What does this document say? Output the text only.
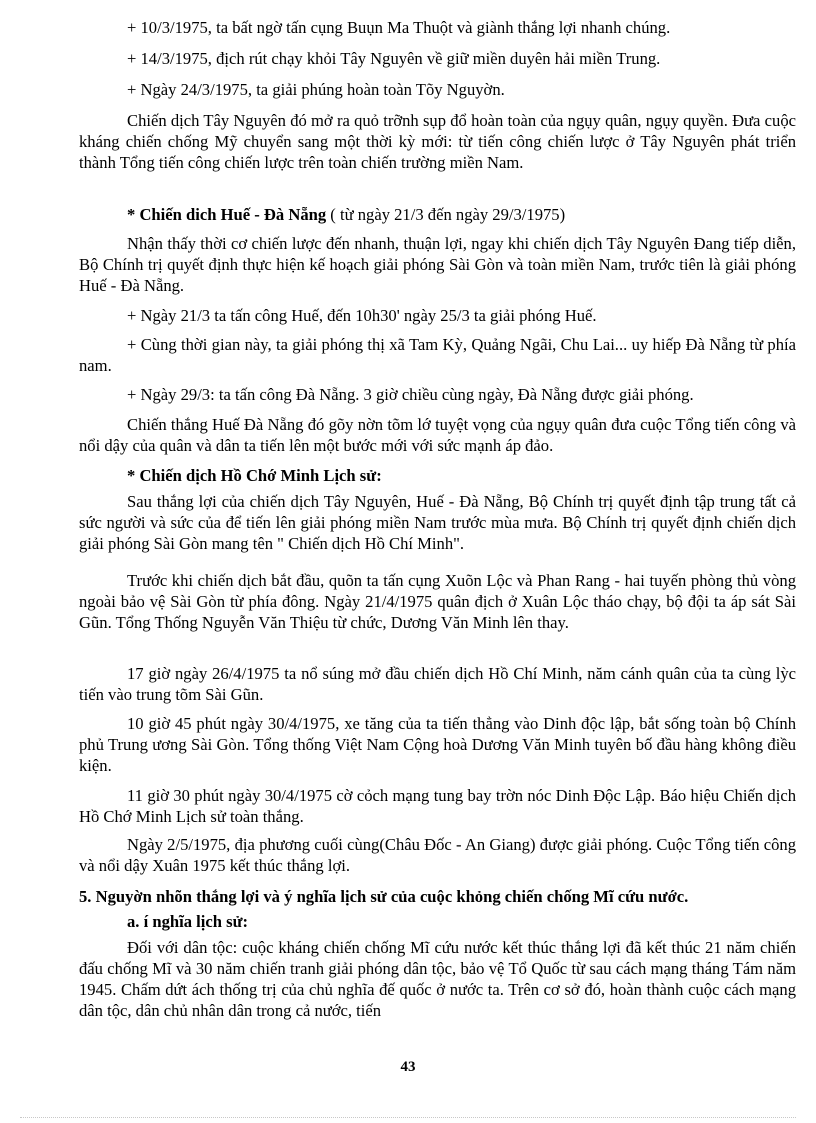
+ 10/3/1975, ta bất ngờ tấn cụng Buụn Ma Thuột và giành thắng lợi nhanh chúng.

+ 14/3/1975, địch rút chạy khỏi Tây Nguyên về giữ miền duyên hải miền Trung.

+ Ngày 24/3/1975, ta giải phúng hoàn toàn Tõy Nguyờn.

Chiến dịch Tây Nguyên đó mở ra quỏ trỡnh sụp đổ hoàn toàn của ngụy quân, ngụy quyền. Đưa cuộc kháng chiến chống Mỹ chuyển sang một thời kỳ mới: từ tiến công chiến lược ở Tây Nguyên phát triển thành Tổng tiến công chiến lược trên toàn chiến trường miền Nam.

* Chiến dich Huế - Đà Nẵng ( từ ngày 21/3 đến ngày 29/3/1975)

Nhận thấy thời cơ chiến lược đến nhanh, thuận lợi, ngay khi chiến dịch Tây Nguyên Đang tiếp diễn, Bộ Chính trị quyết định thực hiện kế hoạch giải phóng Sài Gòn và toàn miền Nam, trước tiên là giải phóng Huế - Đà Nẵng.

+ Ngày 21/3 ta tấn công Huế, đến 10h30' ngày 25/3 ta giải phóng Huế.

+ Cùng thời gian này, ta giải phóng thị xã Tam Kỳ, Quảng Ngãi, Chu Lai... uy hiếp Đà Nẵng từ phía nam.

+ Ngày 29/3: ta tấn công Đà Nẵng. 3 giờ chiều cùng ngày, Đà Nẵng được giải phóng.

Chiến thắng Huế Đà Nẵng đó gõy nờn tõm lớ tuyệt vọng của ngụy quân đưa cuộc Tổng tiến công và nổi dậy của quân và dân ta tiến lên một bước mới với sức mạnh áp đảo.

* Chiến dịch Hồ Chớ Minh Lịch sử:

Sau thắng lợi của chiến dịch Tây Nguyên, Huế - Đà Nẵng, Bộ Chính trị quyết định tập trung tất cả sức người và sức của để tiến lên giải phóng miền Nam trước mùa mưa. Bộ Chính trị quyết định chiến dịch giải phóng Sài Gòn mang tên " Chiến dịch Hồ Chí Minh".

Trước khi chiến dịch bắt đầu, quõn ta tấn cụng Xuõn Lộc và Phan Rang - hai tuyến phòng thủ vòng ngoài bảo vệ Sài Gòn từ phía đông. Ngày 21/4/1975 quân địch ở Xuân Lộc tháo chạy, bộ đội ta áp sát Sài Gũn. Tổng Thống Nguyễn Văn Thiệu từ chức, Dương Văn Minh lên thay.

17 giờ ngày 26/4/1975 ta nổ súng mở đầu chiến dịch Hồ Chí Minh, năm cánh quân của ta cùng lỳc tiến vào trung tõm Sài Gũn.

10 giờ 45 phút ngày 30/4/1975, xe tăng của ta tiến thẳng vào Dinh độc lập, bắt sống toàn bộ Chính phủ Trung ương Sài Gòn. Tổng thống Việt Nam Cộng hoà Dương Văn Minh tuyên bố đầu hàng không điều kiện.

11 giờ 30 phút ngày 30/4/1975 cờ cỏch mạng tung bay trờn nóc Dinh Độc Lập. Báo hiệu Chiến dịch Hồ Chớ Minh Lịch sử toàn thắng.

Ngày 2/5/1975, địa phương cuối cùng(Châu Đốc - An Giang) được giải phóng. Cuộc Tổng tiến công và nổi dậy Xuân 1975 kết thúc thắng lợi.

5. Nguyờn nhõn thắng lợi và ý nghĩa lịch sử của cuộc khỏng chiến chống Mĩ cứu nước.

a. í nghĩa lịch sử:

Đối với dân tộc: cuộc kháng chiến chống Mĩ cứu nước kết thúc thắng lợi đã kết thúc 21 năm chiến đấu chống Mĩ và 30 năm chiến tranh giải phóng dân tộc, bảo vệ Tổ Quốc từ sau cách mạng tháng Tám năm 1945. Chấm dứt ách thống trị của chủ nghĩa đế quốc ở nước ta. Trên cơ sở đó, hoàn thành cuộc cách mạng dân tộc, dân chủ nhân dân trong cả nước, tiến

43
